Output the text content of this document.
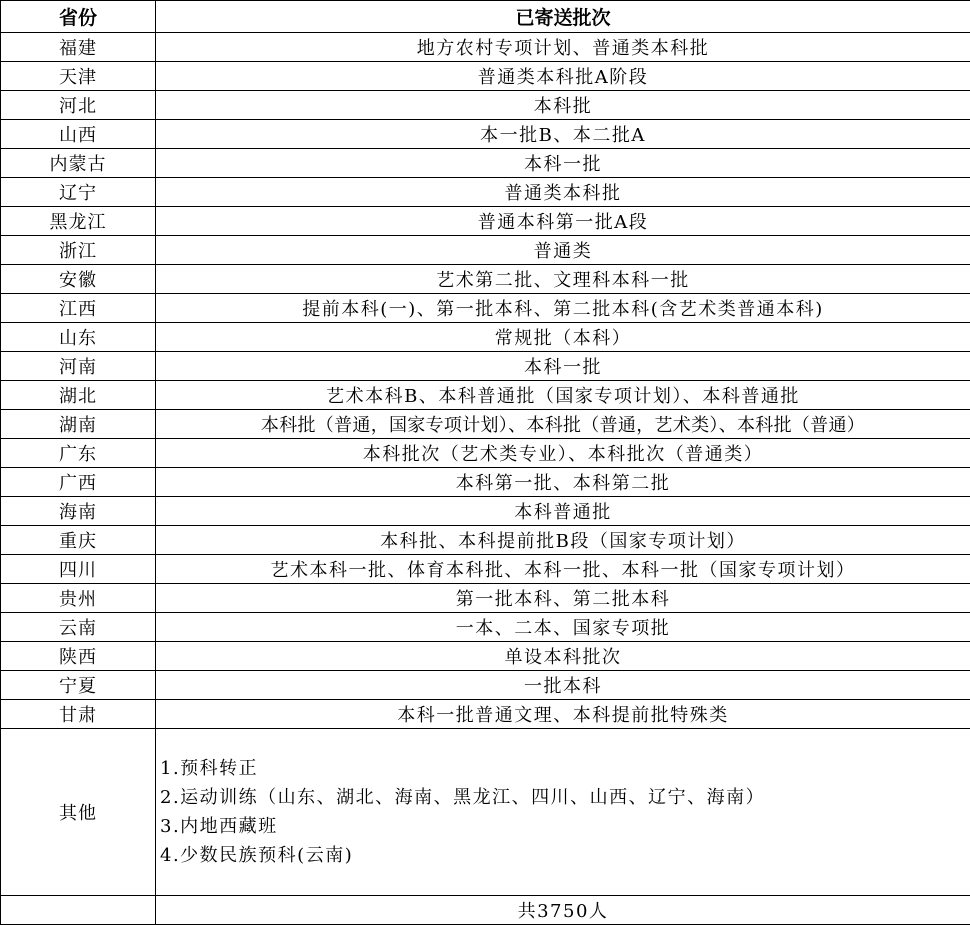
省份	已寄送批次
福建	地方农村专项计划、普通类本科批
天津	普通类本科批A阶段
河北	本科批
山西	本一批B、本二批A
内蒙古	本科一批
辽宁	普通类本科批
黑龙江	普通本科第一批A段
浙江	普通类
安徽	艺术第二批、文理科本科一批
江西	提前本科(一)、第一批本科、第二批本科(含艺术类普通本科)
山东	常规批（本科）
河南	本科一批
湖北	艺术本科B、本科普通批（国家专项计划）、本科普通批
湖南	本科批（普通，国家专项计划）、本科批（普通，艺术类）、本科批（普通）
广东	本科批次（艺术类专业）、本科批次（普通类）
广西	本科第一批、本科第二批
海南	本科普通批
重庆	本科批、本科提前批B段（国家专项计划）
四川	艺术本科一批、体育本科批、本科一批、本科一批（国家专项计划）
贵州	第一批本科、第二批本科
云南	一本、二本、国家专项批
陕西	单设本科批次
宁夏	一批本科
甘肃	本科一批普通文理、本科提前批特殊类
其他	1.预科转正
2.运动训练（山东、湖北、海南、黑龙江、四川、山西、辽宁、海南）
3.内地西藏班
4.少数民族预科(云南)

	共3750人
